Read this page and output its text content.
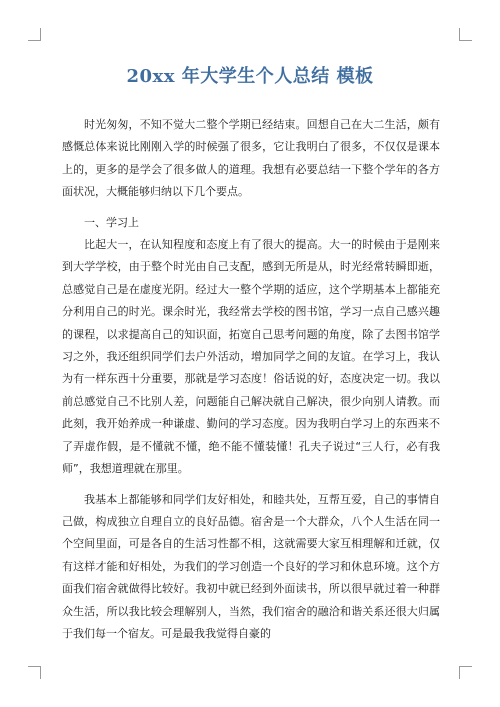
20xx 年大学生个人总结 模板

时光匆匆，不知不觉大二整个学期已经结束。回想自己在大二生活，颇有感慨总体来说比刚刚入学的时候强了很多，它让我明白了很多，不仅仅是课本上的，更多的是学会了很多做人的道理。我想有必要总结一下整个学年的各方面状况，大概能够归纳以下几个要点。

一、学习上

比起大一，在认知程度和态度上有了很大的提高。大一的时候由于是刚来到大学学校，由于整个时光由自己支配，感到无所是从，时光经常转瞬即逝，总感觉自己是在虚度光阴。经过大一整个学期的适应，这个学期基本上都能充分利用自己的时光。课余时光，我经常去学校的图书馆，学习一点自己感兴趣的课程，以求提高自己的知识面，拓宽自己思考问题的角度，除了去图书馆学习之外，我还组织同学们去户外活动，增加同学之间的友谊。在学习上，我认为有一样东西十分重要，那就是学习态度！俗话说的好，态度决定一切。我以前总感觉自己不比别人差，问题能自己解决就自己解决，很少向别人请教。而此刻，我开始养成一种谦虚、勤问的学习态度。因为我明白学习上的东西来不了弄虚作假，是不懂就不懂，绝不能不懂装懂！孔夫子说过“三人行，必有我师”，我想道理就在那里。

我基本上都能够和同学们友好相处，和睦共处，互帮互爱，自己的事情自己做，构成独立自理自立的良好品德。宿舍是一个大群众，八个人生活在同一个空间里面，可是各自的生活习性都不相，这就需要大家互相理解和迁就，仅有这样才能和好相处，为我们的学习创造一个良好的学习和休息环境。这个方面我们宿舍就做得比较好。我初中就已经到外面读书，所以很早就过着一种群众生活，所以我比较会理解别人，当然，我们宿舍的融洽和谐关系还很大归属于我们每一个宿友。可是最我我觉得自豪的
